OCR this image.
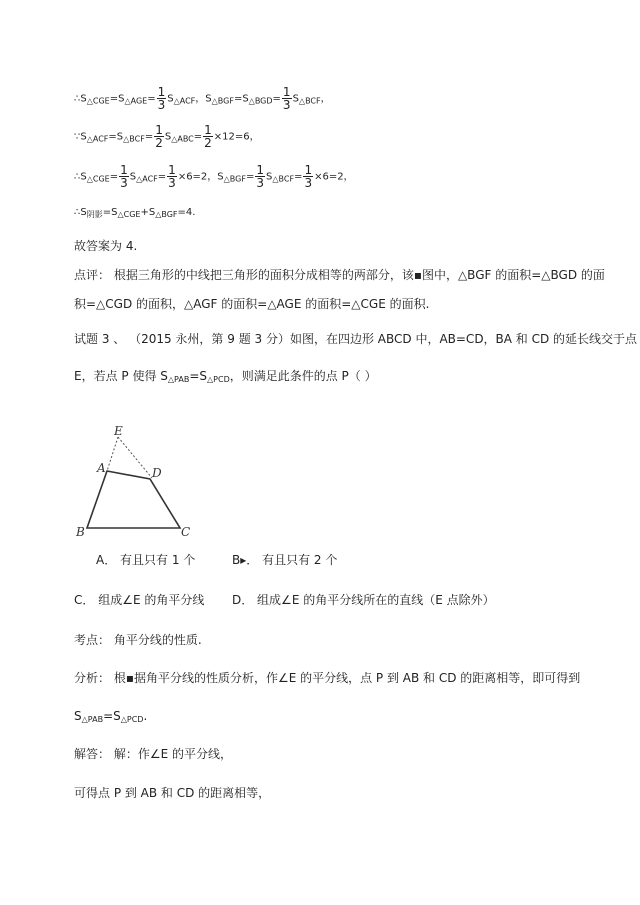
$\therefore S_{\triangle CGE}=S_{\triangle AGE}= \frac{1}{3} S_{\triangle ACF}$，$S_{\triangle BGF}=S_{\triangle BGD}= \frac{1}{3} S_{\triangle BCF}$，
$\because S_{\triangle ACF}=S_{\triangle BCF}= \frac{1}{2} S_{\triangle ABC}= \frac{1}{2} \times 12=6$，
$\therefore S_{\triangle CGE}= \frac{1}{3} S_{\triangle ACF}= \frac{1}{3} \times 6=2$，$S_{\triangle BGF}= \frac{1}{3} S_{\triangle BCF}= \frac{1}{3} \times 6=2$，
$\therefore S_{阴影}=S_{\triangle CGE}+S_{\triangle BGF}=4$.
故答案为 4.
点评： 根据三角形的中线把三角形的面积分成相等的两部分，该▪图中，△BGF 的面积=△BGD 的面
积=△CGD 的面积，△AGF 的面积=△AGE 的面积=△CGE 的面积.
试题 3 、 （2015 永州，第 9 题 3 分）如图，在四边形 ABCD 中，AB=CD，BA 和 CD 的延长线交于点
E，若点 P 使得 $S_{\triangle PAB}=S_{\triangle PCD}$，则满足此条件的点 P（ ）
E
A	D
B	C
A． 有且只有 1 个	B▸． 有且只有 2 个
C． 组成∠E 的角平分线 D． 组成∠E 的角平分线所在的直线（E 点除外）
考点： 角平分线的性质.
分析： 根▪据角平分线的性质分析，作∠E 的平分线，点 P 到 AB 和 CD 的距离相等，即可得到
$S_{\triangle PAB}=S_{\triangle PCD}$.
解答： 解：作∠E 的平分线，
可得点 P 到 AB 和 CD 的距离相等，
